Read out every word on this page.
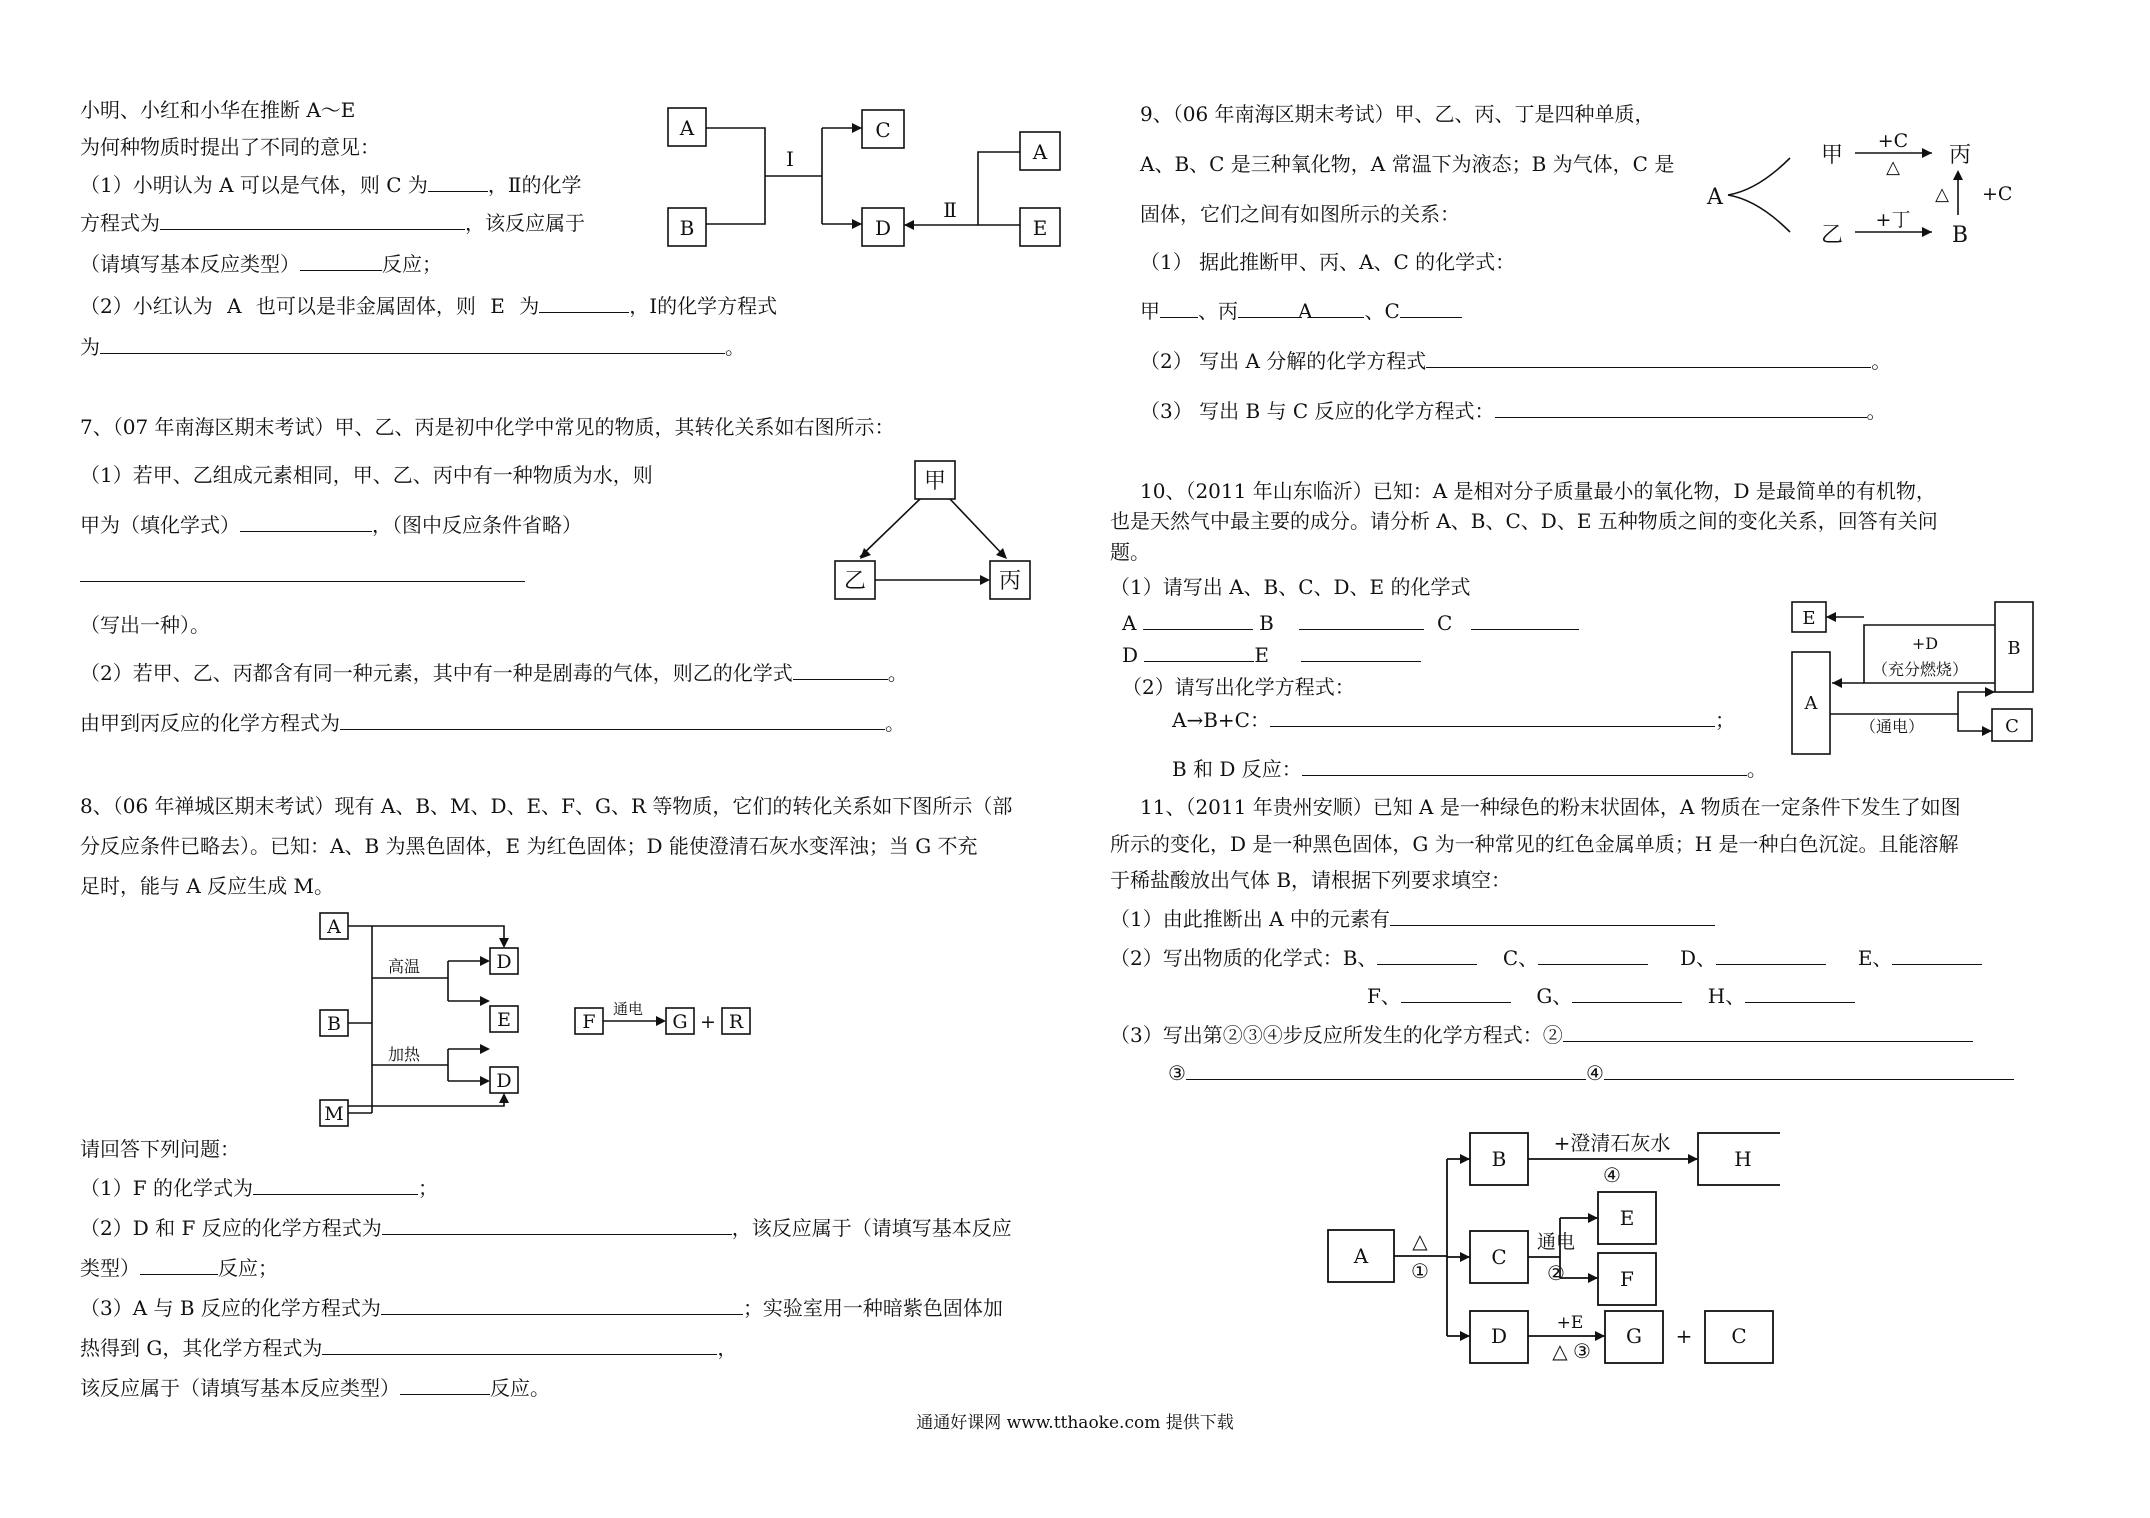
小明、小红和小华在推断 A～E
为何种物质时提出了不同的意见：
（1）小明认为 A 可以是气体，则 C 为	，Ⅱ的化学
方程式为	，该反应属于
（请填写基本反应类型）	反应；
（2）小红认为 A 也可以是非金属固体，则 E 为	，Ⅰ的化学方程式
为	。
A
B
C
D
A
E
Ⅰ
Ⅱ
7、（07 年南海区期末考试）甲、乙、丙是初中化学中常见的物质，其转化关系如右图所示：
（1）若甲、乙组成元素相同，甲、乙、丙中有一种物质为水，则
甲为（填化学式）	，（图中反应条件省略）
（写出一种）。
（2）若甲、乙、丙都含有同一种元素，其中有一种是剧毒的气体，则乙的化学式	。
由甲到丙反应的化学方程式为	。
甲
乙	丙
8、（06 年禅城区期末考试）现有 A、B、M、D、E、F、G、R 等物质，它们的转化关系如下图所示（部
分反应条件已略去）。已知：A、B 为黑色固体，E 为红色固体；D 能使澄清石灰水变浑浊；当 G 不充
足时，能与 A 反应生成 M。
请回答下列问题：
（1）F 的化学式为	；
（2）D 和 F 反应的化学方程式为	，该反应属于（请填写基本反应
类型）	反应；
（3）A 与 B 反应的化学方程式为	；实验室用一种暗紫色固体加
热得到 G，其化学方程式为	，
该反应属于（请填写基本反应类型）	反应。
A
B
M
D
E
D
高温
加热
F
通电
G + R
9、（06 年南海区期末考试）甲、乙、丙、丁是四种单质，
A、B、C 是三种氧化物，A 常温下为液态；B 为气体，C 是
固体，它们之间有如图所示的关系：
（1） 据此推断甲、丙、A、C 的化学式：
甲 、丙	A	、C
（2） 写出 A 分解的化学方程式	。
（3） 写出 B 与 C 反应的化学方程式：	。
A
甲	丙
乙	B
+C
△
+C
△
+丁
10、（2011 年山东临沂）已知：A 是相对分子质量最小的氧化物，D 是最简单的有机物，
也是天然气中最主要的成分。请分析 A、B、C、D、E 五种物质之间的变化关系，回答有关问
题。
（1）请写出 A、B、C、D、E 的化学式
A	B	C
D	E
（2）请写出化学方程式：
A→B+C：	；
B 和 D 反应：	。
E
B
A
C
+D
（充分燃烧）
（通电）
11、（2011 年贵州安顺）已知 A 是一种绿色的粉末状固体，A 物质在一定条件下发生了如图
所示的变化，D 是一种黑色固体，G 为一种常见的红色金属单质；H 是一种白色沉淀。且能溶解
于稀盐酸放出气体 B，请根据下列要求填空：
（1）由此推断出 A 中的元素有
（2）写出物质的化学式：B、	C、	D、	E、
F、	G、	H、
（3）写出第②③④步反应所发生的化学方程式：②
③	④
A
B
C
D
H
E
F
G + C
+澄清石灰水
④
△
①
通电
②
+E
△ ③
通通好课网 www.tthaoke.com 提供下载
